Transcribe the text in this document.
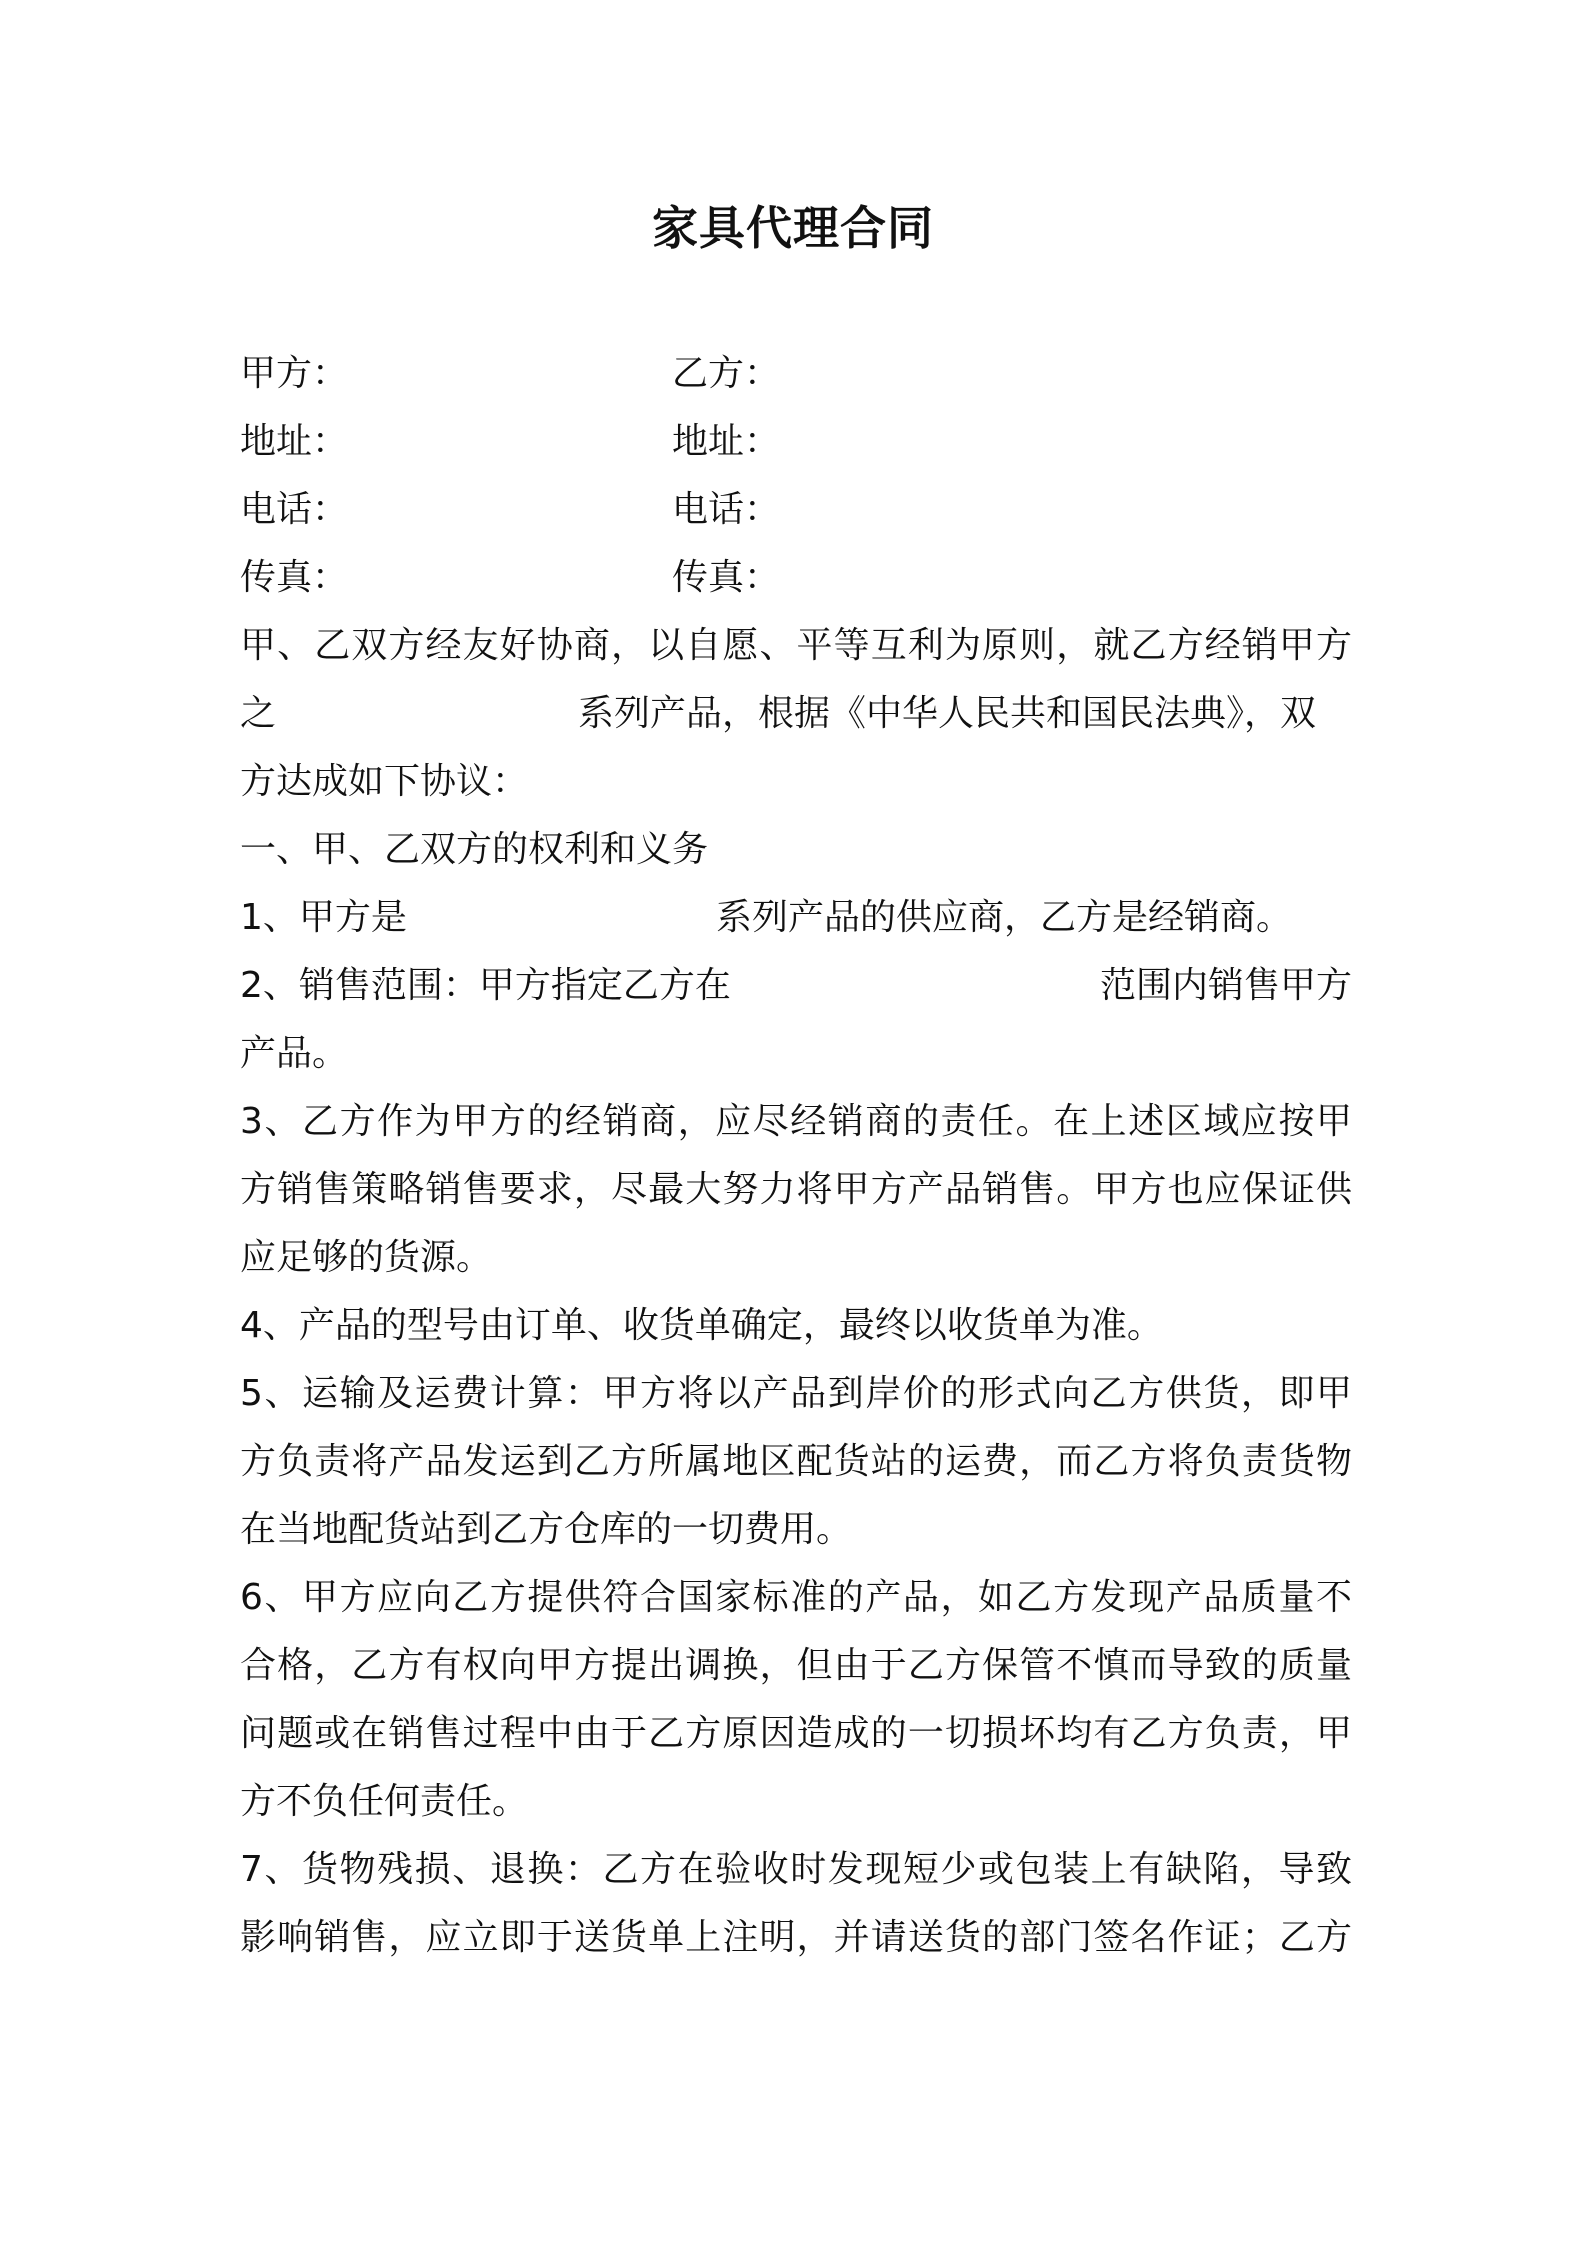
家具代理合同
甲方：	乙方：
地址：	地址：
电话：	电话：
传真：	传真：
甲、乙双方经友好协商，以自愿、平等互利为原则，就乙方经销甲方
之	系列产品，根据《中华人民共和国民法典》，双
方达成如下协议：
一、甲、乙双方的权利和义务
1、甲方是	系列产品的供应商，乙方是经销商。
2、销售范围：甲方指定乙方在	范围内销售甲方
产品。
3、乙方作为甲方的经销商，应尽经销商的责任。在上述区域应按甲
方销售策略销售要求，尽最大努力将甲方产品销售。甲方也应保证供
应足够的货源。
4、产品的型号由订单、收货单确定，最终以收货单为准。
5、运输及运费计算：甲方将以产品到岸价的形式向乙方供货，即甲
方负责将产品发运到乙方所属地区配货站的运费，而乙方将负责货物
在当地配货站到乙方仓库的一切费用。
6、甲方应向乙方提供符合国家标准的产品，如乙方发现产品质量不
合格，乙方有权向甲方提出调换，但由于乙方保管不慎而导致的质量
问题或在销售过程中由于乙方原因造成的一切损坏均有乙方负责，甲
方不负任何责任。
7、货物残损、退换：乙方在验收时发现短少或包装上有缺陷，导致
影响销售，应立即于送货单上注明，并请送货的部门签名作证；乙方
